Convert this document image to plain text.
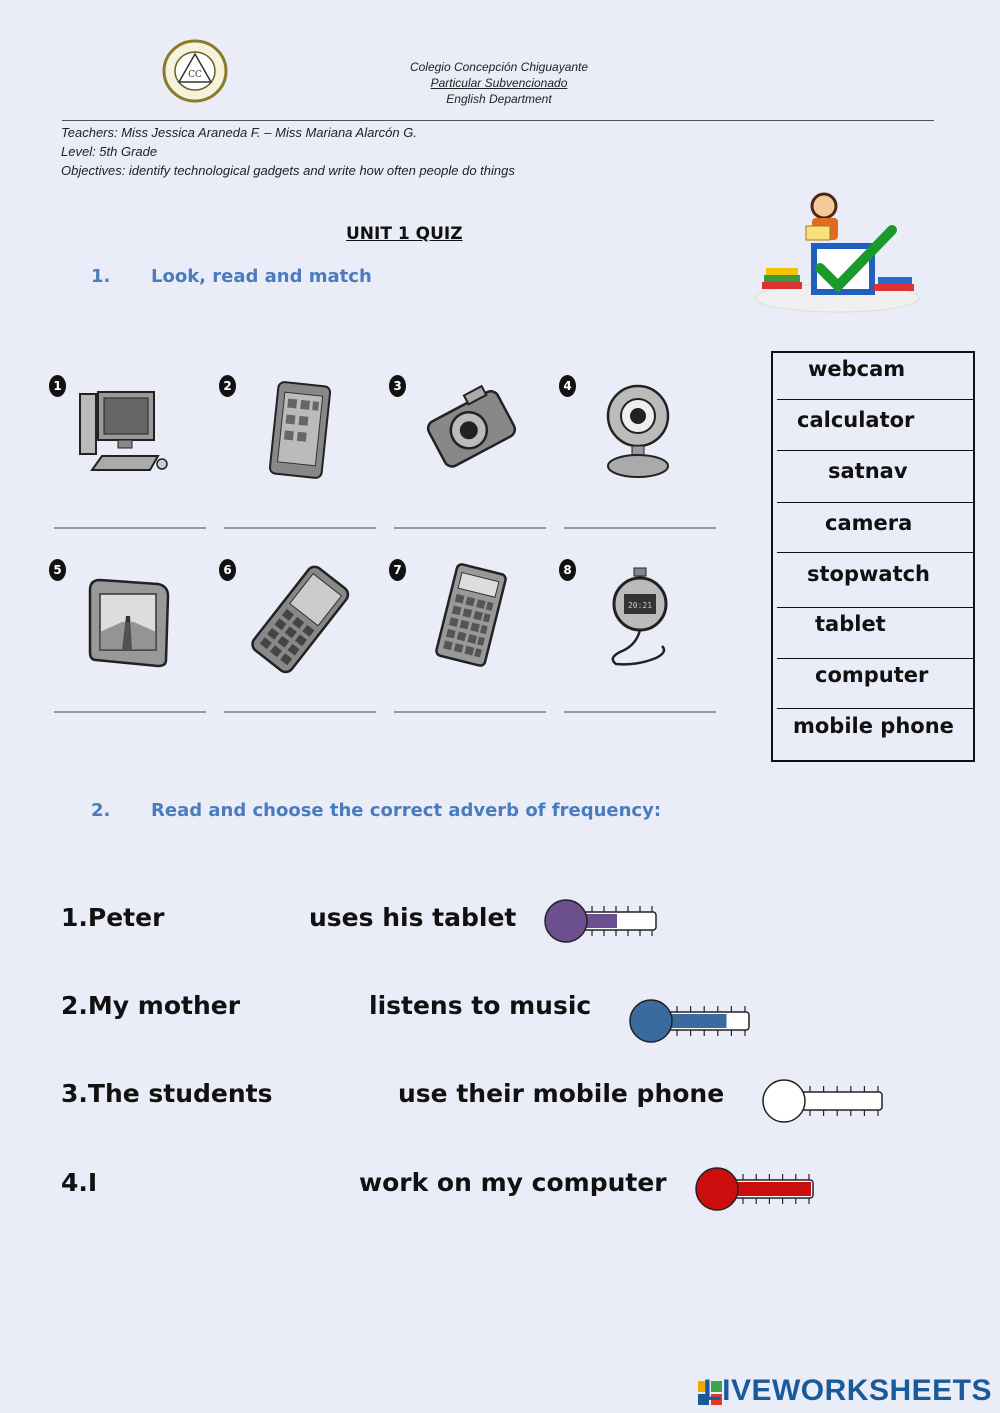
CC
Colegio Concepción Chiguayante
Particular Subvencionado
English Department
Teachers: Miss Jessica Araneda F. – Miss Mariana Alarcón G.
Level: 5th Grade
Objectives: identify technological gadgets and write how often people do things
UNIT 1 QUIZ
1. Look, read and match
1	2	3	4
5	6	7	8
20:21
webcam
calculator
satnav
camera
stopwatch
tablet
computer
mobile phone
2. Read and choose the correct adverb of frequency:
1.Peter	uses his tablet
2.My mother	listens to music
3.The students	use their mobile phone
4.I	work on my computer
LIVEWORKSHEETS
